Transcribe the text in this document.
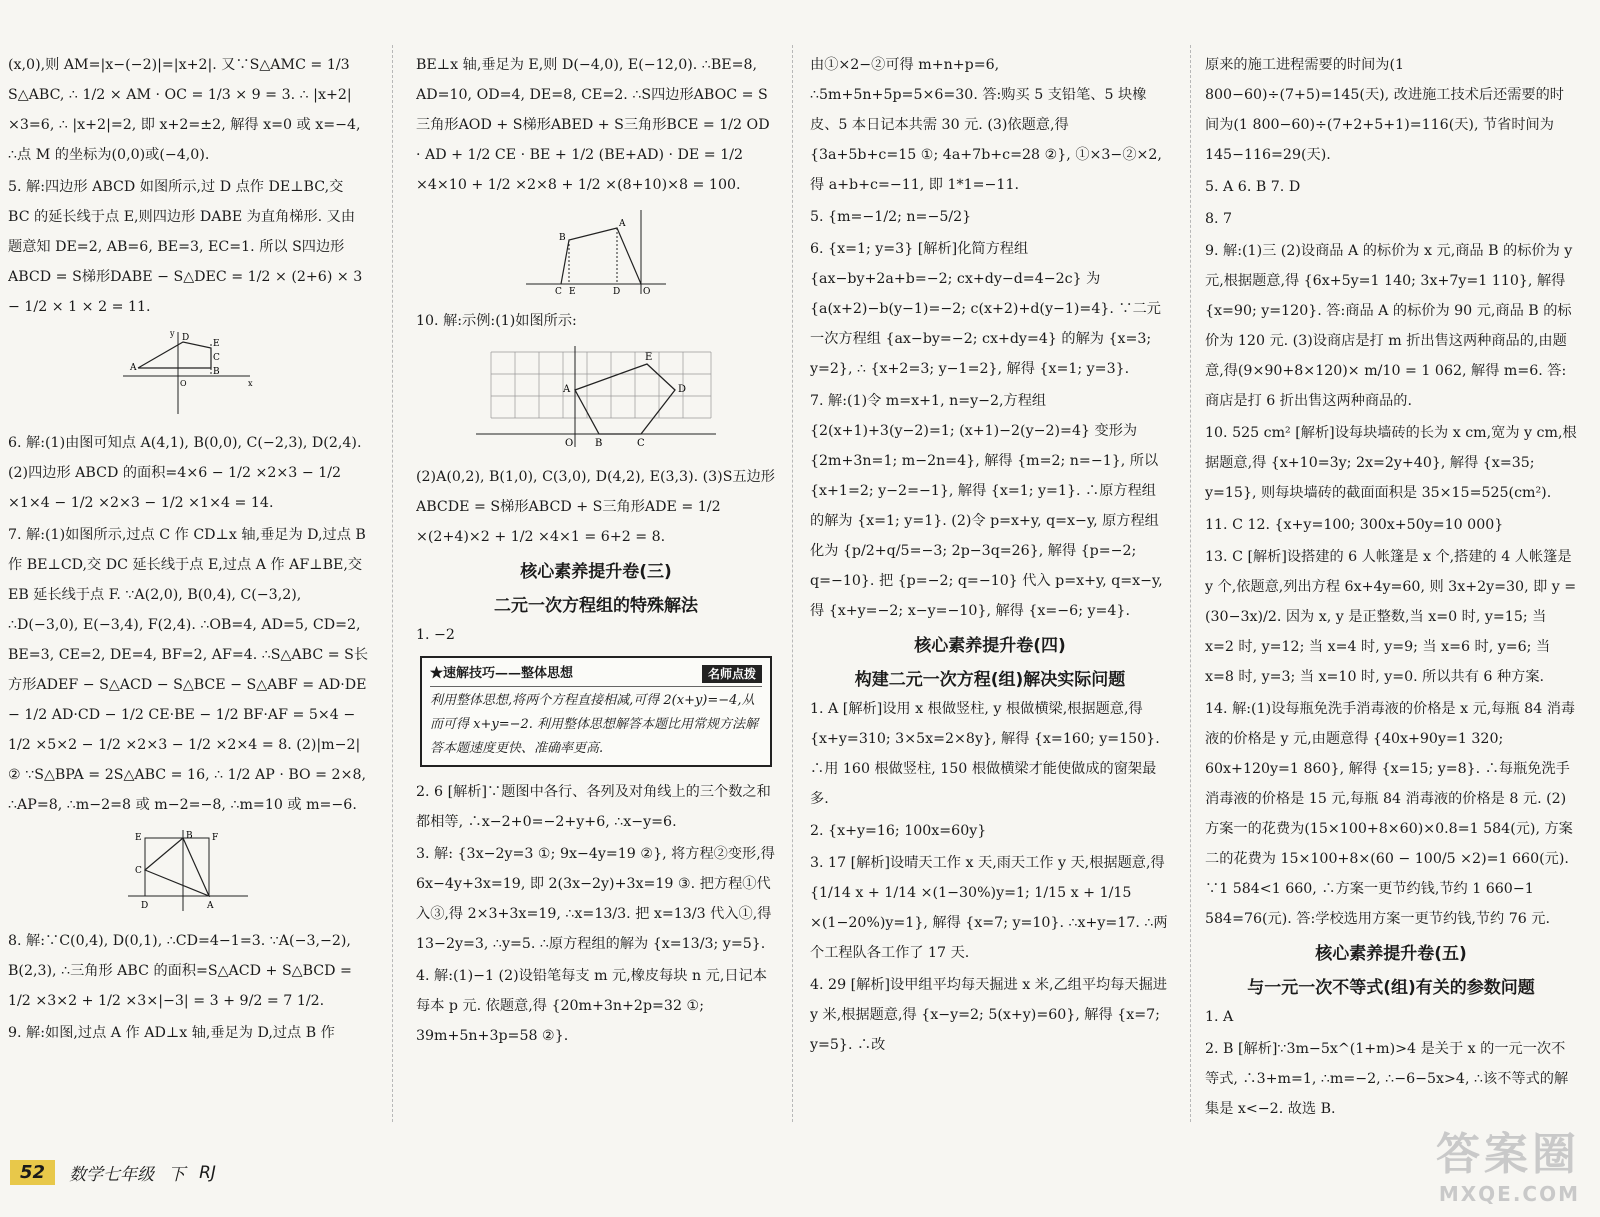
(x,0),则 AM=|x−(−2)|=|x+2|. 又∵S△AMC = 1/3 S△ABC, ∴ 1/2 × AM · OC = 1/3 × 9 = 3. ∴ |x+2| ×3=6, ∴ |x+2|=2, 即 x+2=±2, 解得 x=0 或 x=−4, ∴点 M 的坐标为(0,0)或(−4,0).
5. 解:四边形 ABCD 如图所示,过 D 点作 DE⊥BC,交 BC 的延长线于点 E,则四边形 DABE 为直角梯形. 又由题意知 DE=2, AB=6, BE=3, EC=1. 所以 S四边形ABCD = S梯形DABE − S△DEC = 1/2 × (2+6) × 3 − 1/2 × 1 × 2 = 11.
A	B
C
D
E
O	x
y
6. 解:(1)由图可知点 A(4,1), B(0,0), C(−2,3), D(2,4). (2)四边形 ABCD 的面积=4×6 − 1/2 ×2×3 − 1/2 ×1×4 − 1/2 ×2×3 − 1/2 ×1×4 = 14.
7. 解:(1)如图所示,过点 C 作 CD⊥x 轴,垂足为 D,过点 B 作 BE⊥CD,交 DC 延长线于点 E,过点 A 作 AF⊥BE,交 EB 延长线于点 F. ∵A(2,0), B(0,4), C(−3,2), ∴D(−3,0), E(−3,4), F(2,4). ∴OB=4, AD=5, CD=2, BE=3, CE=2, DE=4, BF=2, AF=4. ∴S△ABC = S长方形ADEF − S△ACD − S△BCE − S△ABF = AD·DE − 1/2 AD·CD − 1/2 CE·BE − 1/2 BF·AF = 5×4 − 1/2 ×5×2 − 1/2 ×2×3 − 1/2 ×2×4 = 8. (2)|m−2| ② ∵S△BPA = 2S△ABC = 16, ∴ 1/2 AP · BO = 2×8, ∴AP=8, ∴m−2=8 或 m−2=−8, ∴m=10 或 m=−6.
E	B F
C
D	A
8. 解:∵C(0,4), D(0,1), ∴CD=4−1=3. ∵A(−3,−2), B(2,3), ∴三角形 ABC 的面积=S△ACD + S△BCD = 1/2 ×3×2 + 1/2 ×3×|−3| = 3 + 9/2 = 7 1/2.
9. 解:如图,过点 A 作 AD⊥x 轴,垂足为 D,过点 B 作
BE⊥x 轴,垂足为 E,则 D(−4,0), E(−12,0). ∴BE=8, AD=10, OD=4, DE=8, CE=2. ∴S四边形ABOC = S三角形AOD + S梯形ABED + S三角形BCE = 1/2 OD · AD + 1/2 CE · BE + 1/2 (BE+AD) · DE = 1/2 ×4×10 + 1/2 ×2×8 + 1/2 ×(8+10)×8 = 100.
A
B
C E	D	O
10. 解:示例:(1)如图所示:
A
B	C
D
E
O
(2)A(0,2), B(1,0), C(3,0), D(4,2), E(3,3). (3)S五边形ABCDE = S梯形ABCD + S三角形ADE = 1/2 ×(2+4)×2 + 1/2 ×4×1 = 6+2 = 8.
核心素养提升卷(三)
二元一次方程组的特殊解法
1. −2
★速解技巧——整体思想	名师点拨
利用整体思想,将两个方程直接相减,可得 2(x+y)=−4,从而可得 x+y=−2. 利用整体思想解答本题比用常规方法解答本题速度更快、准确率更高.
2. 6 [解析]∵题图中各行、各列及对角线上的三个数之和都相等, ∴x−2+0=−2+y+6, ∴x−y=6.
3. 解: {3x−2y=3 ①; 9x−4y=19 ②}, 将方程②变形,得 6x−4y+3x=19, 即 2(3x−2y)+3x=19 ③. 把方程①代入③,得 2×3+3x=19, ∴x=13/3. 把 x=13/3 代入①,得 13−2y=3, ∴y=5. ∴原方程组的解为 {x=13/3; y=5}.
4. 解:(1)−1 (2)设铅笔每支 m 元,橡皮每块 n 元,日记本每本 p 元. 依题意,得 {20m+3n+2p=32 ①; 39m+5n+3p=58 ②}.
由①×2−②可得 m+n+p=6, ∴5m+5n+5p=5×6=30. 答:购买 5 支铅笔、5 块橡皮、5 本日记本共需 30 元. (3)依题意,得 {3a+5b+c=15 ①; 4a+7b+c=28 ②}, ①×3−②×2,得 a+b+c=−11, 即 1*1=−11.
5. {m=−1/2; n=−5/2}
6. {x=1; y=3} [解析]化简方程组 {ax−by+2a+b=−2; cx+dy−d=4−2c} 为 {a(x+2)−b(y−1)=−2; c(x+2)+d(y−1)=4}. ∵二元一次方程组 {ax−by=−2; cx+dy=4} 的解为 {x=3; y=2}, ∴ {x+2=3; y−1=2}, 解得 {x=1; y=3}.
7. 解:(1)令 m=x+1, n=y−2,方程组 {2(x+1)+3(y−2)=1; (x+1)−2(y−2)=4} 变形为 {2m+3n=1; m−2n=4}, 解得 {m=2; n=−1}, 所以 {x+1=2; y−2=−1}, 解得 {x=1; y=1}. ∴原方程组的解为 {x=1; y=1}. (2)令 p=x+y, q=x−y, 原方程组化为 {p/2+q/5=−3; 2p−3q=26}, 解得 {p=−2; q=−10}. 把 {p=−2; q=−10} 代入 p=x+y, q=x−y, 得 {x+y=−2; x−y=−10}, 解得 {x=−6; y=4}.
核心素养提升卷(四)
构建二元一次方程(组)解决实际问题
1. A [解析]设用 x 根做竖柱, y 根做横梁,根据题意,得 {x+y=310; 3×5x=2×8y}, 解得 {x=160; y=150}. ∴用 160 根做竖柱, 150 根做横梁才能使做成的窗架最多.
2. {x+y=16; 100x=60y}
3. 17 [解析]设晴天工作 x 天,雨天工作 y 天,根据题意,得 {1/14 x + 1/14 ×(1−30%)y=1; 1/15 x + 1/15 ×(1−20%)y=1}, 解得 {x=7; y=10}. ∴x+y=17. ∴两个工程队各工作了 17 天.
4. 29 [解析]设甲组平均每天掘进 x 米,乙组平均每天掘进 y 米,根据题意,得 {x−y=2; 5(x+y)=60}, 解得 {x=7; y=5}. ∴改
原来的施工进程需要的时间为(1 800−60)÷(7+5)=145(天), 改进施工技术后还需要的时间为(1 800−60)÷(7+2+5+1)=116(天), 节省时间为 145−116=29(天).
5. A 6. B 7. D
8. 7
9. 解:(1)三 (2)设商品 A 的标价为 x 元,商品 B 的标价为 y 元,根据题意,得 {6x+5y=1 140; 3x+7y=1 110}, 解得 {x=90; y=120}. 答:商品 A 的标价为 90 元,商品 B 的标价为 120 元. (3)设商店是打 m 折出售这两种商品的,由题意,得(9×90+8×120)× m/10 = 1 062, 解得 m=6. 答:商店是打 6 折出售这两种商品的.
10. 525 cm² [解析]设每块墙砖的长为 x cm,宽为 y cm,根据题意,得 {x+10=3y; 2x=2y+40}, 解得 {x=35; y=15}, 则每块墙砖的截面面积是 35×15=525(cm²).
11. C 12. {x+y=100; 300x+50y=10 000}
13. C [解析]设搭建的 6 人帐篷是 x 个,搭建的 4 人帐篷是 y 个,依题意,列出方程 6x+4y=60, 则 3x+2y=30, 即 y = (30−3x)/2. 因为 x, y 是正整数,当 x=0 时, y=15; 当 x=2 时, y=12; 当 x=4 时, y=9; 当 x=6 时, y=6; 当 x=8 时, y=3; 当 x=10 时, y=0. 所以共有 6 种方案.
14. 解:(1)设每瓶免洗手消毒液的价格是 x 元,每瓶 84 消毒液的价格是 y 元,由题意得 {40x+90y=1 320; 60x+120y=1 860}, 解得 {x=15; y=8}. ∴每瓶免洗手消毒液的价格是 15 元,每瓶 84 消毒液的价格是 8 元. (2)方案一的花费为(15×100+8×60)×0.8=1 584(元), 方案二的花费为 15×100+8×(60 − 100/5 ×2)=1 660(元). ∵1 584<1 660, ∴方案一更节约钱,节约 1 660−1 584=76(元). 答:学校选用方案一更节约钱,节约 76 元.
核心素养提升卷(五)
与一元一次不等式(组)有关的参数问题
1. A
2. B [解析]∵3m−5x^(1+m)>4 是关于 x 的一元一次不等式, ∴3+m=1, ∴m=−2, ∴−6−5x>4, ∴该不等式的解集是 x<−2. 故选 B.
52	数学七年级 下 RJ	答案圈
MXQE.COM
